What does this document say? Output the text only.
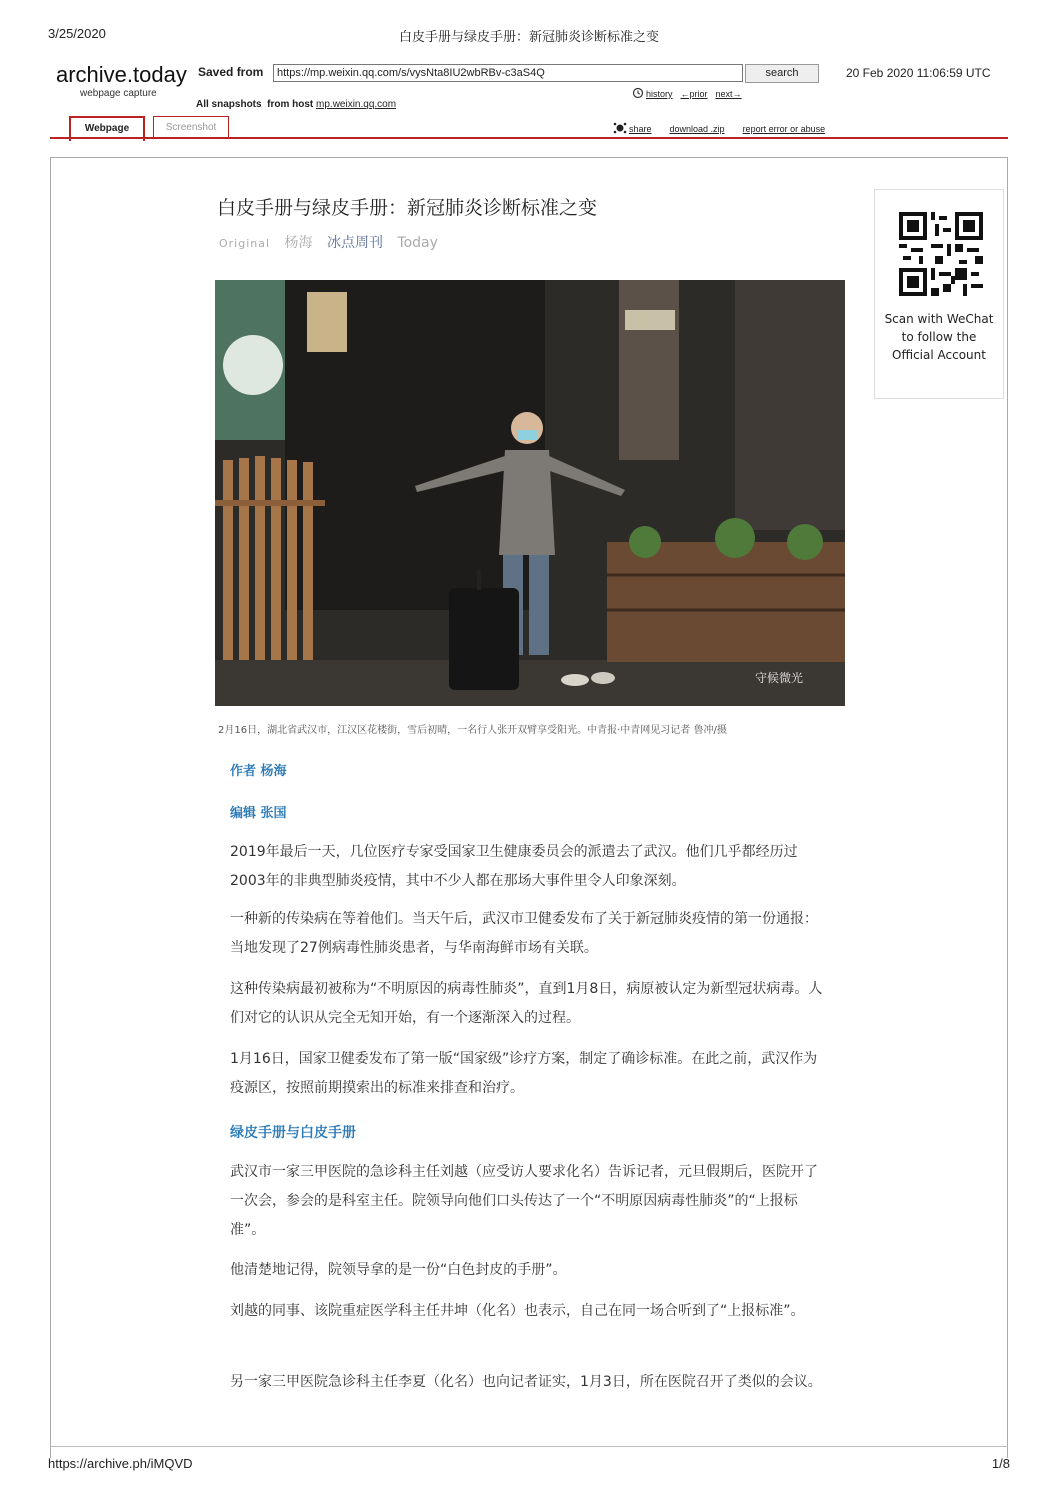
3/25/2020	白皮手册与绿皮手册：新冠肺炎诊断标准之变
archive.today
webpage capture
Saved from	https://mp.weixin.qq.com/s/vysNta8IU2wbRBv-c3aS4Q	search	20 Feb 2020 11:06:59 UTC
history ←prior next→
All snapshots from host mp.weixin.qq.com
Webpage	Screenshot	share download .zip report error or abuse
白皮手册与绿皮手册：新冠肺炎诊断标准之变
Original 杨海 冰点周刊 Today
Scan with WeChat to follow the Official Account
守候微光
2月16日，湖北省武汉市，江汉区花楼街，雪后初晴，一名行人张开双臂享受阳光。中青报·中青网见习记者 鲁冲/摄
作者 杨海
编辑 张国
2019年最后一天，几位医疗专家受国家卫生健康委员会的派遣去了武汉。他们几乎都经历过2003年的非典型肺炎疫情，其中不少人都在那场大事件里令人印象深刻。
一种新的传染病在等着他们。当天午后，武汉市卫健委发布了关于新冠肺炎疫情的第一份通报：当地发现了27例病毒性肺炎患者，与华南海鲜市场有关联。
这种传染病最初被称为“不明原因的病毒性肺炎”，直到1月8日，病原被认定为新型冠状病毒。人们对它的认识从完全无知开始，有一个逐渐深入的过程。
1月16日，国家卫健委发布了第一版“国家级”诊疗方案，制定了确诊标准。在此之前，武汉作为疫源区，按照前期摸索出的标准来排查和治疗。
绿皮手册与白皮手册
武汉市一家三甲医院的急诊科主任刘越（应受访人要求化名）告诉记者，元旦假期后，医院开了一次会，参会的是科室主任。院领导向他们口头传达了一个“不明原因病毒性肺炎”的“上报标准”。
他清楚地记得，院领导拿的是一份“白色封皮的手册”。
刘越的同事、该院重症医学科主任井坤（化名）也表示，自己在同一场合听到了“上报标准”。
另一家三甲医院急诊科主任李夏（化名）也向记者证实，1月3日，所在医院召开了类似的会议。
https://archive.ph/iMQVD	1/8
